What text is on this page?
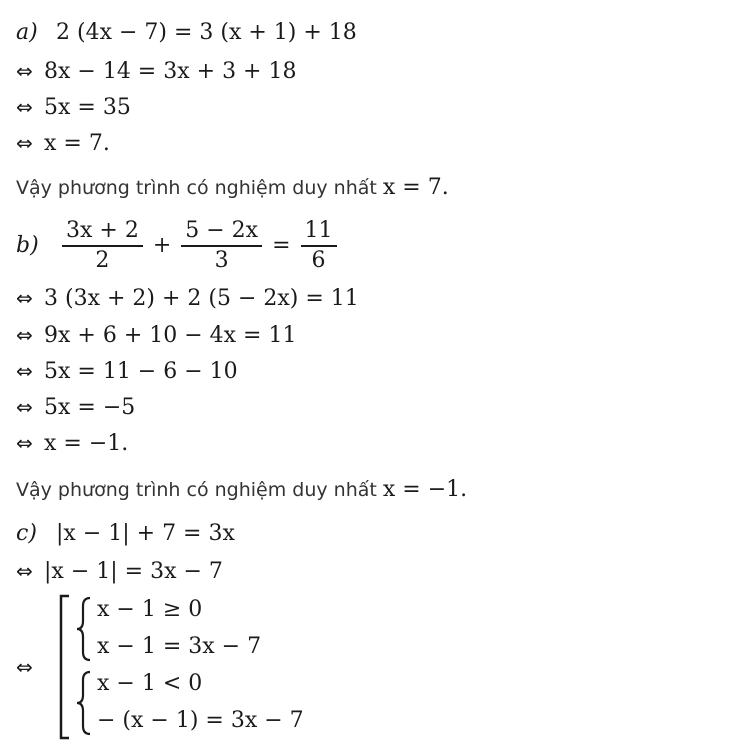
a) 2 (4x − 7) = 3 (x + 1) + 18
⇔ 8x − 14 = 3x + 3 + 18
⇔ 5x = 35
⇔ x = 7.
Vậy phương trình có nghiệm duy nhất x = 7.
$b) \frac{3x + 2}{2} + \frac{5 - 2x}{3} = \frac{11}{6}$
⇔ 3 (3x + 2) + 2 (5 − 2x) = 11
⇔ 9x + 6 + 10 − 4x = 11
⇔ 5x = 11 − 6 − 10
⇔ 5x = −5
⇔ x = −1.
Vậy phương trình có nghiệm duy nhất x = −1.
c) |x − 1| + 7 = 3x
⇔ |x − 1| = 3x − 7
⇔
x − 1 ≥ 0
x − 1 = 3x − 7
x − 1 < 0
− (x − 1) = 3x − 7
